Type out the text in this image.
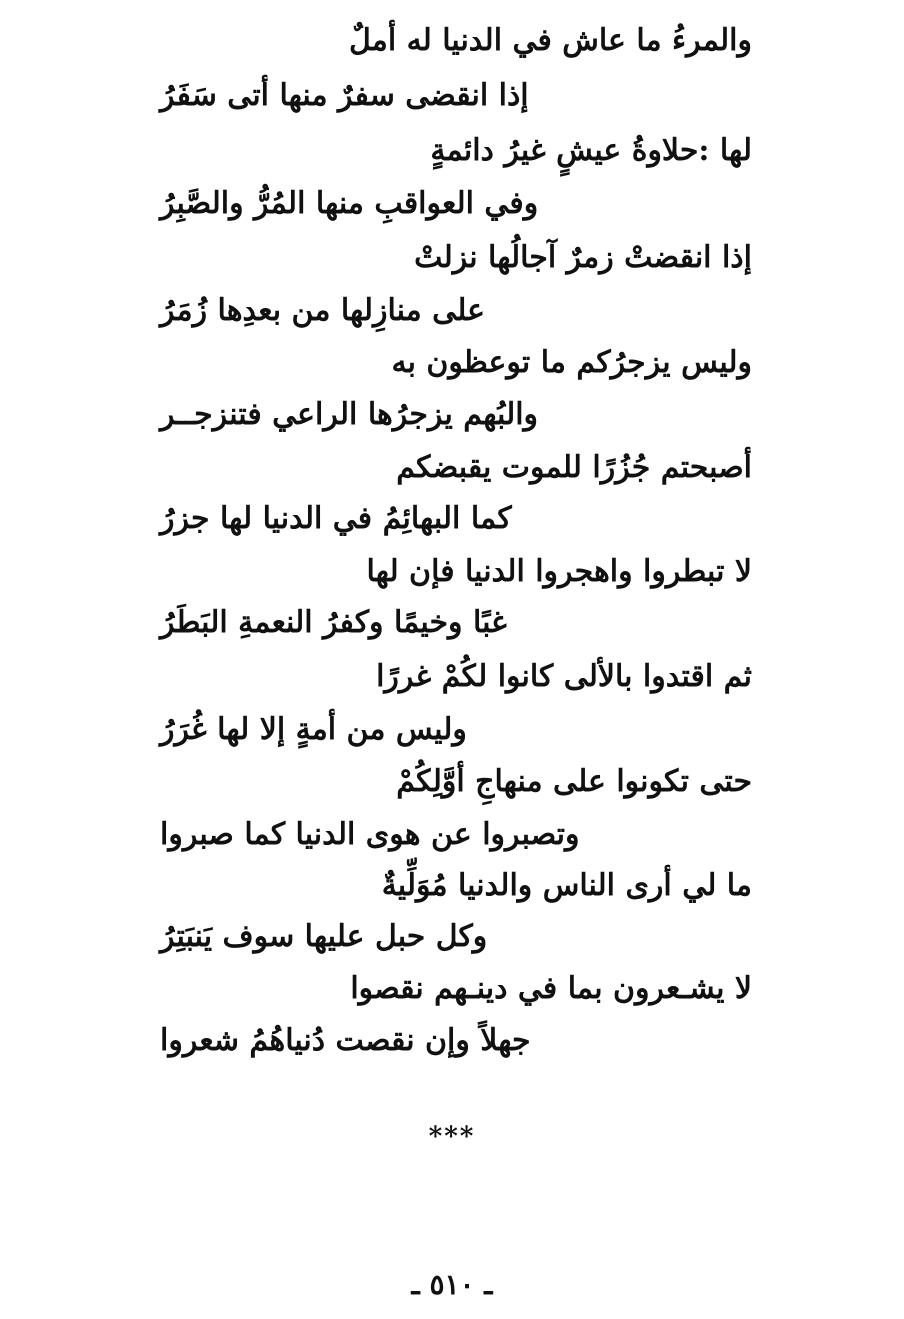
والمرءُ ما عاش في الدنيا له أملٌ
إذا انقضى سفرٌ منها أتى سَفَرُ
لها :حلاوةُ عيشٍ غيرُ دائمةٍ
وفي العواقبِ منها المُرُّ والصَّبِرُ
إذا انقضتْ زمرٌ آجالُها نزلتْ
على منازِلها من بعدِها زُمَرُ
وليس يزجرُكم ما توعظون به
والبُهم يزجرُها الراعي فتنزجــر
أصبحتم جُزُرًا للموت يقبضكم
كما البهائِمُ في الدنيا لها جزرُ
لا تبطروا واهجروا الدنيا فإن لها
غبًا وخيمًا وكفرُ النعمةِ البَطَرُ
ثم اقتدوا بالألى كانوا لكُمْ غررًا
وليس من أمةٍ إلا لها غُرَرُ
حتى تكونوا على منهاجِ أوَّلِكُمْ
وتصبروا عن هوى الدنيا كما صبروا
ما لي أرى الناس والدنيا مُوَلِّيةٌ
وكل حبل عليها سوف يَنبَتِرُ
لا يشـعرون بما في دينـهم نقصوا
جهلاً وإن نقصت دُنياهُمُ شعروا
***
ـ ٥١٠ ـ
